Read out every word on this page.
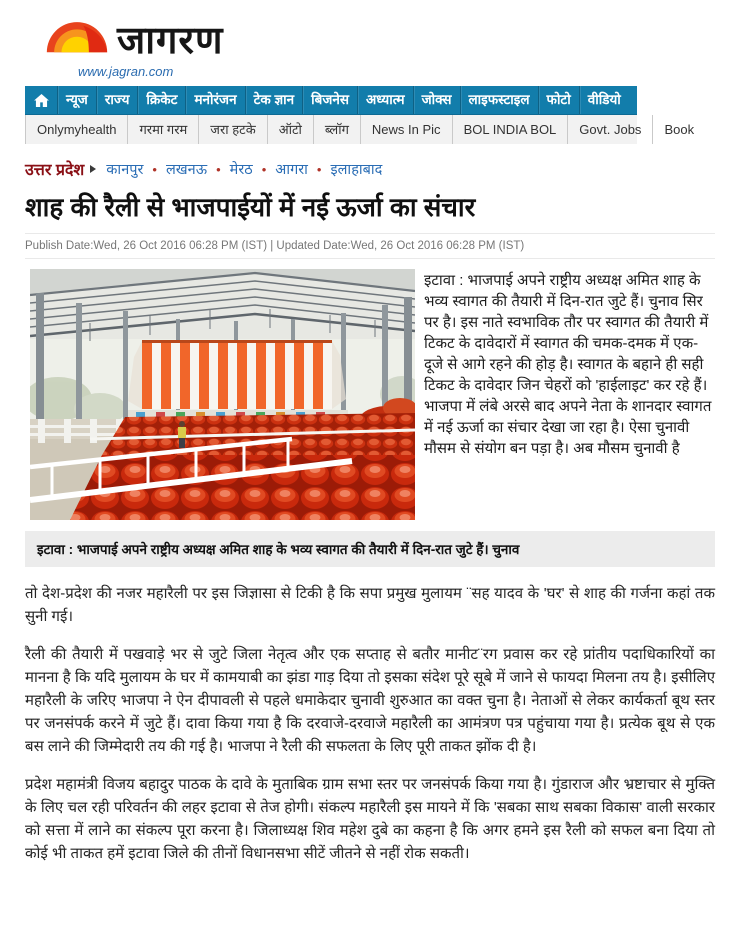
जागरण
www.jagran.com
न्यूज	राज्य	क्रिकेट	मनोरंजन	टेक ज्ञान	बिजनेस	अध्यात्म	जोक्स	लाइफस्टाइल	फोटो	वीडियो
Onlymyhealth	गरमा गरम	जरा हटके	ऑटो	ब्लॉग	News In Pic	BOL INDIA BOL	Govt. Jobs	Book
उत्तर प्रदेश कानपुर	• लखनऊ	• मेरठ	• आगरा	• इलाहाबाद
शाह की रैली से भाजपाईयों में नई ऊर्जा का संचार
Publish Date:Wed, 26 Oct 2016 06:28 PM (IST) | Updated Date:Wed, 26 Oct 2016 06:28 PM (IST)
इटावा : भाजपाई अपने राष्ट्रीय अध्यक्ष अमित शाह के भव्य स्वागत की तैयारी में दिन-रात जुटे हैं। चुनाव सिर पर है। इस नाते स्वभाविक तौर पर स्वागत की तैयारी में टिकट के दावेदारों में स्वागत की चमक-दमक में एक-दूजे से आगे रहने की होड़ है। स्वागत के बहाने ही सही टिकट के दावेदार जिन चेहरों को 'हाईलाइट' कर रहे हैं। भाजपा में लंबे अरसे बाद अपने नेता के शानदार स्वागत में नई ऊर्जा का संचार देखा जा रहा है। ऐसा चुनावी मौसम से संयोग बन पड़ा है। अब मौसम चुनावी है
इटावा : भाजपाई अपने राष्ट्रीय अध्यक्ष अमित शाह के भव्य स्वागत की तैयारी में दिन-रात जुटे हैं। चुनाव

तो देश-प्रदेश की नजर महारैली पर इस जिज्ञासा से टिकी है कि सपा प्रमुख मुलायम ¨सह यादव के 'घर' से शाह की गर्जना कहां तक सुनी गई।

रैली की तैयारी में पखवाड़े भर से जुटे जिला नेतृत्व और एक सप्ताह से बतौर मानीट¨रग प्रवास कर रहे प्रांतीय पदाधिकारियों का मानना है कि यदि मुलायम के घर में कामयाबी का झंडा गाड़ दिया तो इसका संदेश पूरे सूबे में जाने से फायदा मिलना तय है। इसीलिए महारैली के जरिए भाजपा ने ऐन दीपावली से पहले धमाकेदार चुनावी शुरुआत का वक्त चुना है। नेताओं से लेकर कार्यकर्ता बूथ स्तर पर जनसंपर्क करने में जुटे हैं। दावा किया गया है कि दरवाजे-दरवाजे महारैली का आमंत्रण पत्र पहुंचाया गया है। प्रत्येक बूथ से एक बस लाने की जिम्मेदारी तय की गई है। भाजपा ने रैली की सफलता के लिए पूरी ताकत झोंक दी है।

प्रदेश महामंत्री विजय बहादुर पाठक के दावे के मुताबिक ग्राम सभा स्तर पर जनसंपर्क किया गया है। गुंडाराज और भ्रष्टाचार से मुक्ति के लिए चल रही परिवर्तन की लहर इटावा से तेज होगी। संकल्प महारैली इस मायने में कि 'सबका साथ सबका विकास' वाली सरकार को सत्ता में लाने का संकल्प पूरा करना है। जिलाध्यक्ष शिव महेश दुबे का कहना है कि अगर हमने इस रैली को सफल बना दिया तो कोई भी ताकत हमें इटावा जिले की तीनों विधानसभा सीटें जीतने से नहीं रोक सकती।
